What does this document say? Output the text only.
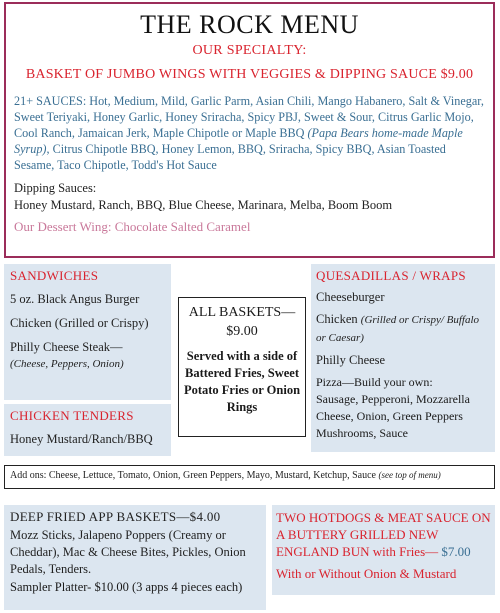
THE ROCK MENU
OUR SPECIALTY:
BASKET OF JUMBO WINGS WITH VEGGIES & DIPPING SAUCE $9.00
21+ SAUCES: Hot, Medium, Mild, Garlic Parm, Asian Chili, Mango Habanero, Salt & Vinegar, Sweet Teriyaki, Honey Garlic, Honey Sriracha, Spicy PBJ, Sweet & Sour, Citrus Garlic Mojo, Cool Ranch, Jamaican Jerk, Maple Chipotle or Maple BBQ (Papa Bears home-made Maple Syrup), Citrus Chipotle BBQ, Honey Lemon, BBQ, Sriracha, Spicy BBQ, Asian Toasted Sesame, Taco Chipotle, Todd's Hot Sauce
Dipping Sauces:
Honey Mustard, Ranch, BBQ, Blue Cheese, Marinara, Melba, Boom Boom
Our Dessert Wing: Chocolate Salted Caramel
SANDWICHES
5 oz. Black Angus Burger
Chicken (Grilled or Crispy)
Philly Cheese Steak—
(Cheese, Peppers, Onion)
CHICKEN TENDERS
Honey Mustard/Ranch/BBQ
ALL BASKETS—
$9.00
Served with a side of Battered Fries, Sweet Potato Fries or Onion Rings
QUESADILLAS / WRAPS
Cheeseburger
Chicken (Grilled or Crispy/ Buffalo or Caesar)
Philly Cheese
Pizza—Build your own:
Sausage, Pepperoni, Mozzarella Cheese, Onion, Green Peppers Mushrooms, Sauce
Add ons: Cheese, Lettuce, Tomato, Onion, Green Peppers, Mayo, Mustard, Ketchup, Sauce (see top of menu)
DEEP FRIED APP BASKETS—$4.00
Mozz Sticks, Jalapeno Poppers (Creamy or Cheddar), Mac & Cheese Bites, Pickles, Onion Pedals, Tenders.
Sampler Platter- $10.00 (3 apps 4 pieces each)
TWO HOTDOGS & MEAT SAUCE ON A BUTTERY GRILLED NEW ENGLAND BUN with Fries— $7.00
With or Without Onion & Mustard
